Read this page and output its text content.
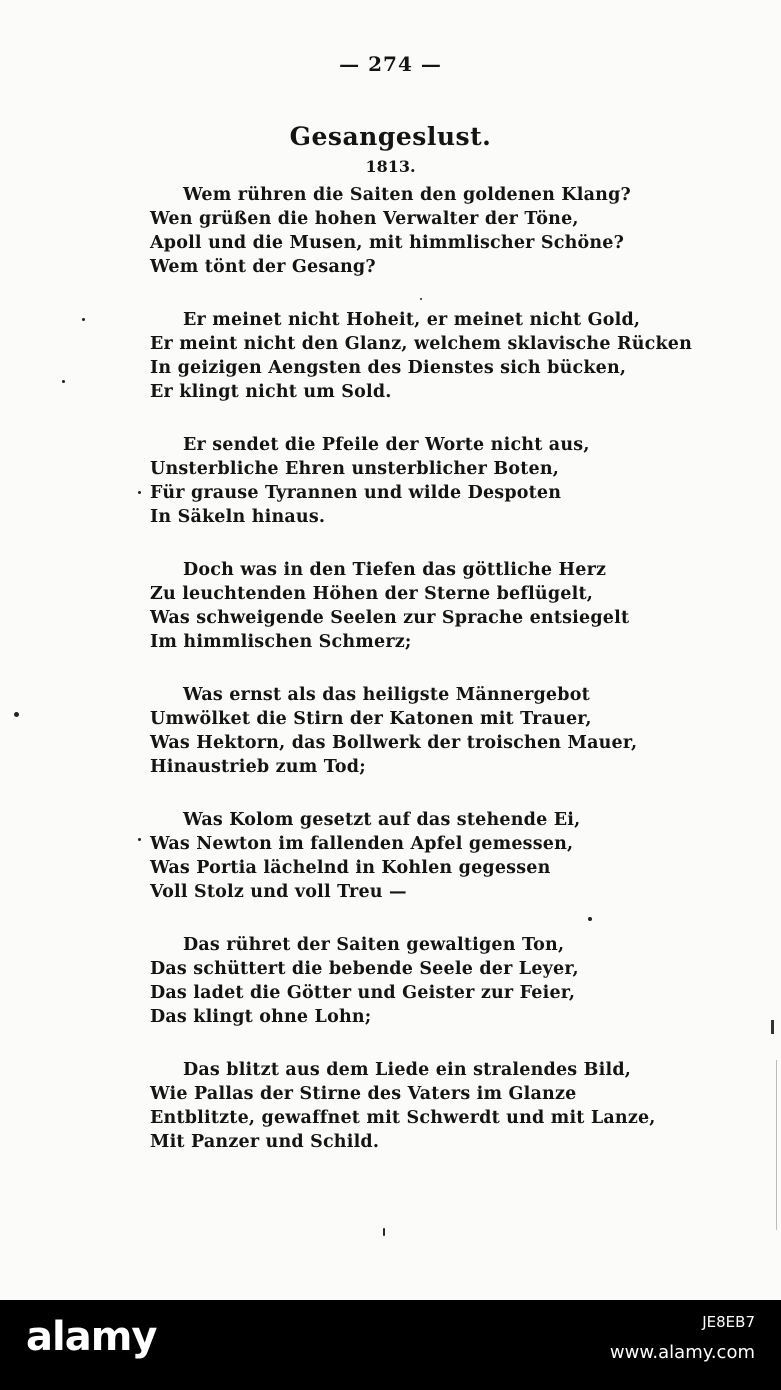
— 274 —
Gesangeslust.
1813.
Wem rühren die Saiten den goldenen Klang?
Wen grüßen die hohen Verwalter der Töne,
Apoll und die Musen, mit himmlischer Schöne?
Wem tönt der Gesang?
Er meinet nicht Hoheit, er meinet nicht Gold,
Er meint nicht den Glanz, welchem sklavische Rücken
In geizigen Aengsten des Dienstes sich bücken,
Er klingt nicht um Sold.
Er sendet die Pfeile der Worte nicht aus,
Unsterbliche Ehren unsterblicher Boten,
Für grause Tyrannen und wilde Despoten
In Säkeln hinaus.
Doch was in den Tiefen das göttliche Herz
Zu leuchtenden Höhen der Sterne beflügelt,
Was schweigende Seelen zur Sprache entsiegelt
Im himmlischen Schmerz;
Was ernst als das heiligste Männergebot
Umwölket die Stirn der Katonen mit Trauer,
Was Hektorn, das Bollwerk der troischen Mauer,
Hinaustrieb zum Tod;
Was Kolom gesetzt auf das stehende Ei,
Was Newton im fallenden Apfel gemessen,
Was Portia lächelnd in Kohlen gegessen
Voll Stolz und voll Treu —
Das rühret der Saiten gewaltigen Ton,
Das schüttert die bebende Seele der Leyer,
Das ladet die Götter und Geister zur Feier,
Das klingt ohne Lohn;
Das blitzt aus dem Liede ein stralendes Bild,
Wie Pallas der Stirne des Vaters im Glanze
Entblitzte, gewaffnet mit Schwerdt und mit Lanze,
Mit Panzer und Schild.
alamy	JE8EB7
www.alamy.com
